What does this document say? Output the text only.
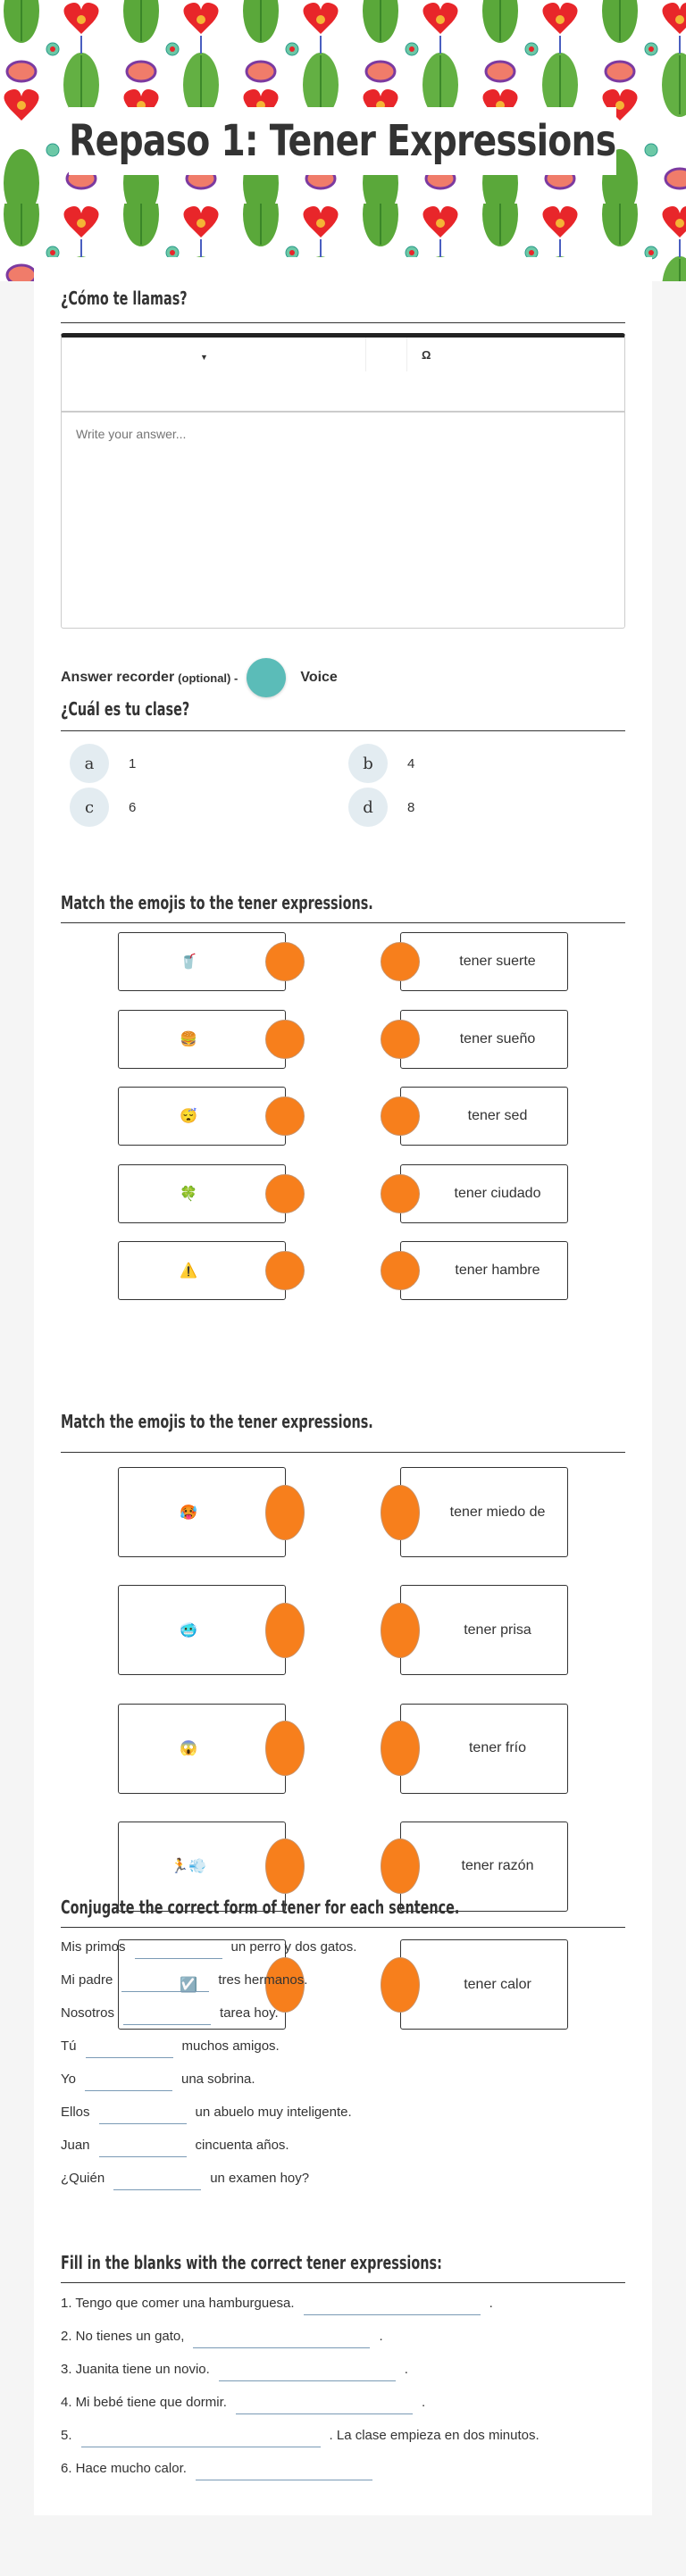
Repaso 1: Tener Expressions
¿Cómo te llamas?
▼	Ω
Write your answer...
Answer recorder (optional) -	Voice
¿Cuál es tu clase?
a	1	b	4
c	6	d	8
Match the emojis to the tener expressions.
🥤	tener suerte
🍔	tener sueño
😴	tener sed
🍀	tener ciudado
⚠️	tener hambre
Match the emojis to the tener expressions.
🥵	tener miedo de
🥶	tener prisa
😱	tener frío
🏃💨	tener razón
☑️	tener calor
Conjugate the correct form of tener for each sentence.
Mis primos	un perro y dos gatos.
Mi padre	tres hermanos.
Nosotros	tarea hoy.
Tú	muchos amigos.
Yo	una sobrina.
Ellos	un abuelo muy inteligente.
Juan	cincuenta años.
¿Quién	un examen hoy?
Fill in the blanks with the correct tener expressions:
1. Tengo que comer una hamburguesa.	.
2. No tienes un gato,	.
3. Juanita tiene un novio.	.
4. Mi bebé tiene que dormir.	.
5.	. La clase empieza en dos minutos.
6. Hace mucho calor.
